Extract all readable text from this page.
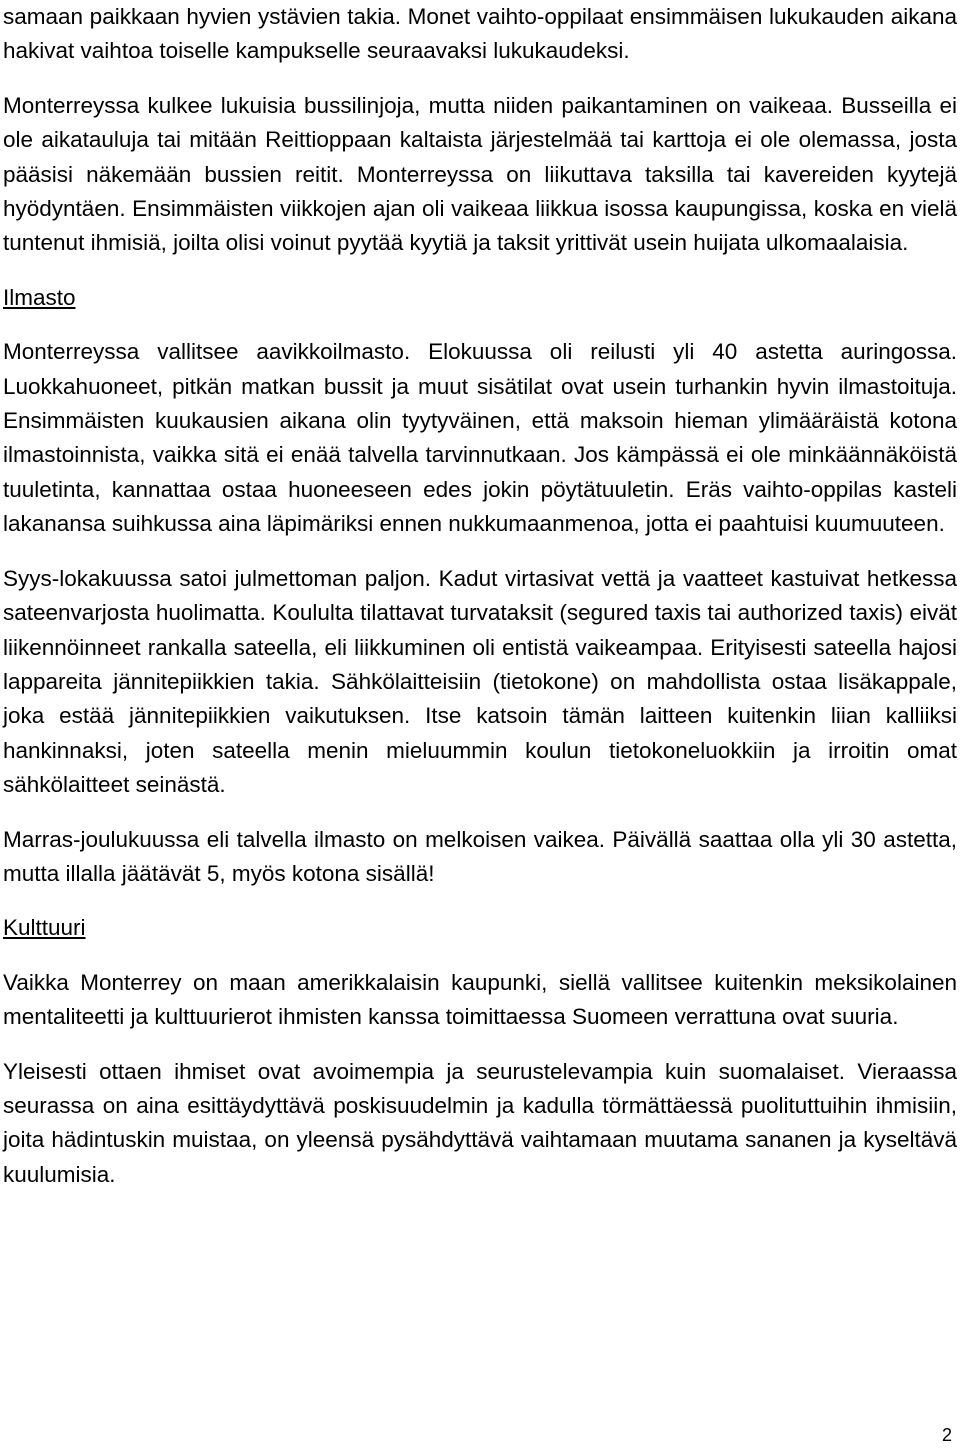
samaan paikkaan hyvien ystävien takia. Monet vaihto-oppilaat ensimmäisen lukukauden aikana hakivat vaihtoa toiselle kampukselle seuraavaksi lukukaudeksi.

Monterreyssa kulkee lukuisia bussilinjoja, mutta niiden paikantaminen on vaikeaa. Busseilla ei ole aikatauluja tai mitään Reittioppaan kaltaista järjestelmää tai karttoja ei ole olemassa, josta pääsisi näkemään bussien reitit. Monterreyssa on liikuttava taksilla tai kavereiden kyytejä hyödyntäen. Ensimmäisten viikkojen ajan oli vaikeaa liikkua isossa kaupungissa, koska en vielä tuntenut ihmisiä, joilta olisi voinut pyytää kyytiä ja taksit yrittivät usein huijata ulkomaalaisia.

Ilmasto

Monterreyssa vallitsee aavikkoilmasto. Elokuussa oli reilusti yli 40 astetta auringossa. Luokkahuoneet, pitkän matkan bussit ja muut sisätilat ovat usein turhankin hyvin ilmastoituja. Ensimmäisten kuukausien aikana olin tyytyväinen, että maksoin hieman ylimääräistä kotona ilmastoinnista, vaikka sitä ei enää talvella tarvinnutkaan. Jos kämpässä ei ole minkäännäköistä tuuletinta, kannattaa ostaa huoneeseen edes jokin pöytätuuletin. Eräs vaihto-oppilas kasteli lakanansa suihkussa aina läpimäriksi ennen nukkumaanmenoa, jotta ei paahtuisi kuumuuteen.

Syys-lokakuussa satoi julmettoman paljon. Kadut virtasivat vettä ja vaatteet kastuivat hetkessa sateenvarjosta huolimatta. Koululta tilattavat turvataksit (segured taxis tai authorized taxis) eivät liikennöinneet rankalla sateella, eli liikkuminen oli entistä vaikeampaa. Erityisesti sateella hajosi lappareita jännitepiikkien takia. Sähkölaitteisiin (tietokone) on mahdollista ostaa lisäkappale, joka estää jännitepiikkien vaikutuksen. Itse katsoin tämän laitteen kuitenkin liian kalliiksi hankinnaksi, joten sateella menin mieluummin koulun tietokoneluokkiin ja irroitin omat sähkölaitteet seinästä.

Marras-joulukuussa eli talvella ilmasto on melkoisen vaikea. Päivällä saattaa olla yli 30 astetta, mutta illalla jäätävät 5, myös kotona sisällä!

Kulttuuri

Vaikka Monterrey on maan amerikkalaisin kaupunki, siellä vallitsee kuitenkin meksikolainen mentaliteetti ja kulttuurierot ihmisten kanssa toimittaessa Suomeen verrattuna ovat suuria.

Yleisesti ottaen ihmiset ovat avoimempia ja seurustelevampia kuin suomalaiset. Vieraassa seurassa on aina esittäydyttävä poskisuudelmin ja kadulla törmättäessä puolituttuihin ihmisiin, joita hädintuskin muistaa, on yleensä pysähdyttävä vaihtamaan muutama sananen ja kyseltävä kuulumisia.

2
